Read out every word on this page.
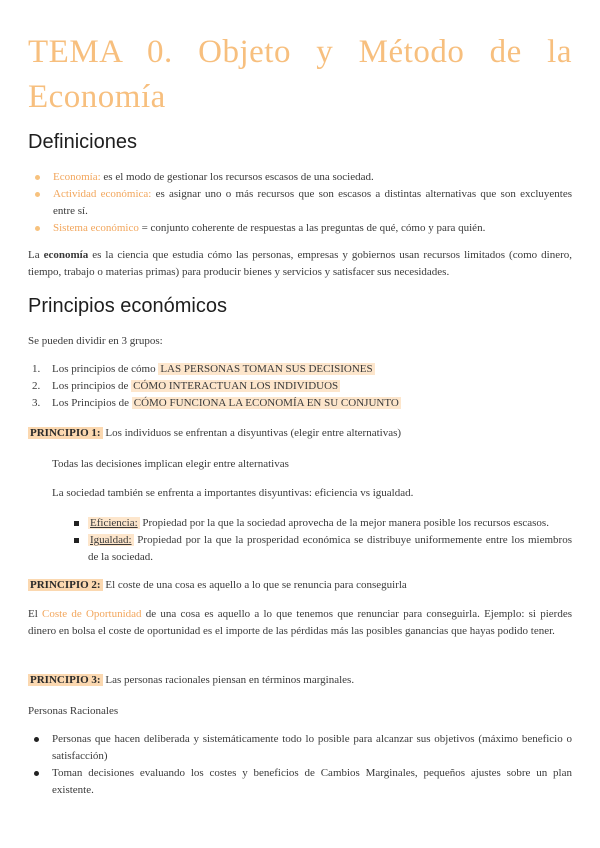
TEMA 0. Objeto y Método de la Economía
Definiciones
Economía: es el modo de gestionar los recursos escasos de una sociedad.
Actividad económica: es asignar uno o más recursos que son escasos a distintas alternativas que son excluyentes entre sí.
Sistema económico = conjunto coherente de respuestas a las preguntas de qué, cómo y para quién.

La economía es la ciencia que estudia cómo las personas, empresas y gobiernos usan recursos limitados (como dinero, tiempo, trabajo o materias primas) para producir bienes y servicios y satisfacer sus necesidades.

Principios económicos

Se pueden dividir en 3 grupos:

1. Los principios de cómo LAS PERSONAS TOMAN SUS DECISIONES
2. Los principios de CÓMO INTERACTUAN LOS INDIVIDUOS
3. Los Principios de CÓMO FUNCIONA LA ECONOMÍA EN SU CONJUNTO

PRINCIPIO 1: Los individuos se enfrentan a disyuntivas (elegir entre alternativas)

Todas las decisiones implican elegir entre alternativas

La sociedad también se enfrenta a importantes disyuntivas: eficiencia vs igualdad.

Eficiencia: Propiedad por la que la sociedad aprovecha de la mejor manera posible los recursos escasos.
Igualdad: Propiedad por la que la prosperidad económica se distribuye uniformemente entre los miembros de la sociedad.

PRINCIPIO 2: El coste de una cosa es aquello a lo que se renuncia para conseguirla

El Coste de Oportunidad de una cosa es aquello a lo que tenemos que renunciar para conseguirla. Ejemplo: si pierdes dinero en bolsa el coste de oportunidad es el importe de las pérdidas más las posibles ganancias que hayas podido tener.

PRINCIPIO 3: Las personas racionales piensan en términos marginales.

Personas Racionales

Personas que hacen deliberada y sistemáticamente todo lo posible para alcanzar sus objetivos (máximo beneficio o satisfacción)
Toman decisiones evaluando los costes y beneficios de Cambios Marginales, pequeños ajustes sobre un plan existente.
